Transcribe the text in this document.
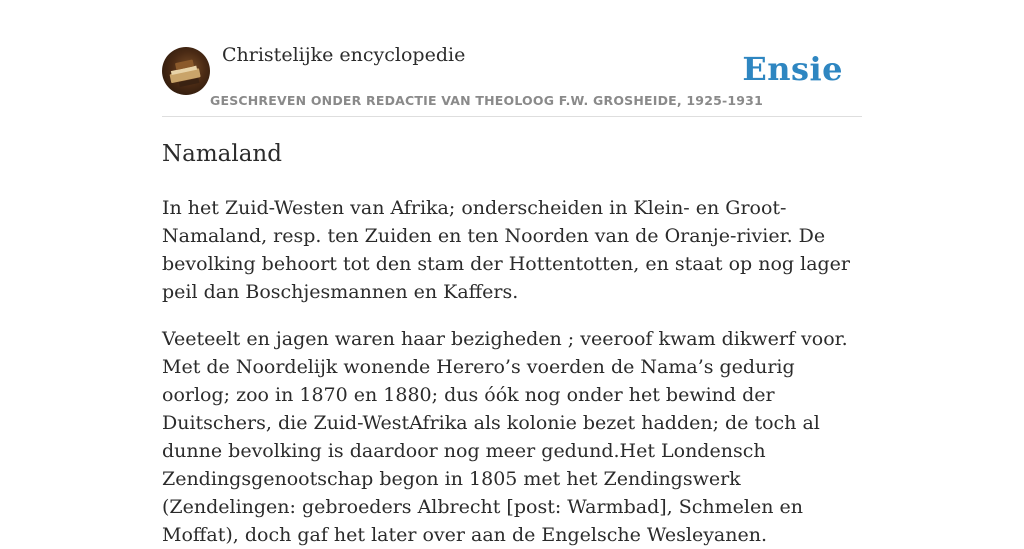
Christelijke encyclopedie
GESCHREVEN ONDER REDACTIE VAN THEOLOOG F.W. GROSHEIDE, 1925-1931
Ensie
Namaland

In het Zuid-Westen van Afrika; onderscheiden in Klein- en Groot-Namaland, resp. ten Zuiden en ten Noorden van de Oranje-rivier. De bevolking behoort tot den stam der Hottentotten, en staat op nog lager peil dan Boschjesmannen en Kaffers.

Veeteelt en jagen waren haar bezigheden ; veeroof kwam dikwerf voor. Met de Noordelijk wonende Herero’s voerden de Nama’s gedurig oorlog; zoo in 1870 en 1880; dus óók nog onder het bewind der Duitschers, die Zuid-WestAfrika als kolonie bezet hadden; de toch al dunne bevolking is daardoor nog meer gedund.Het Londensch Zendingsgenootschap begon in 1805 met het Zendingswerk (Zendelingen: gebroeders Albrecht [post: Warmbad], Schmelen en Moffat), doch gaf het later over aan de Engelsche Wesleyanen.
